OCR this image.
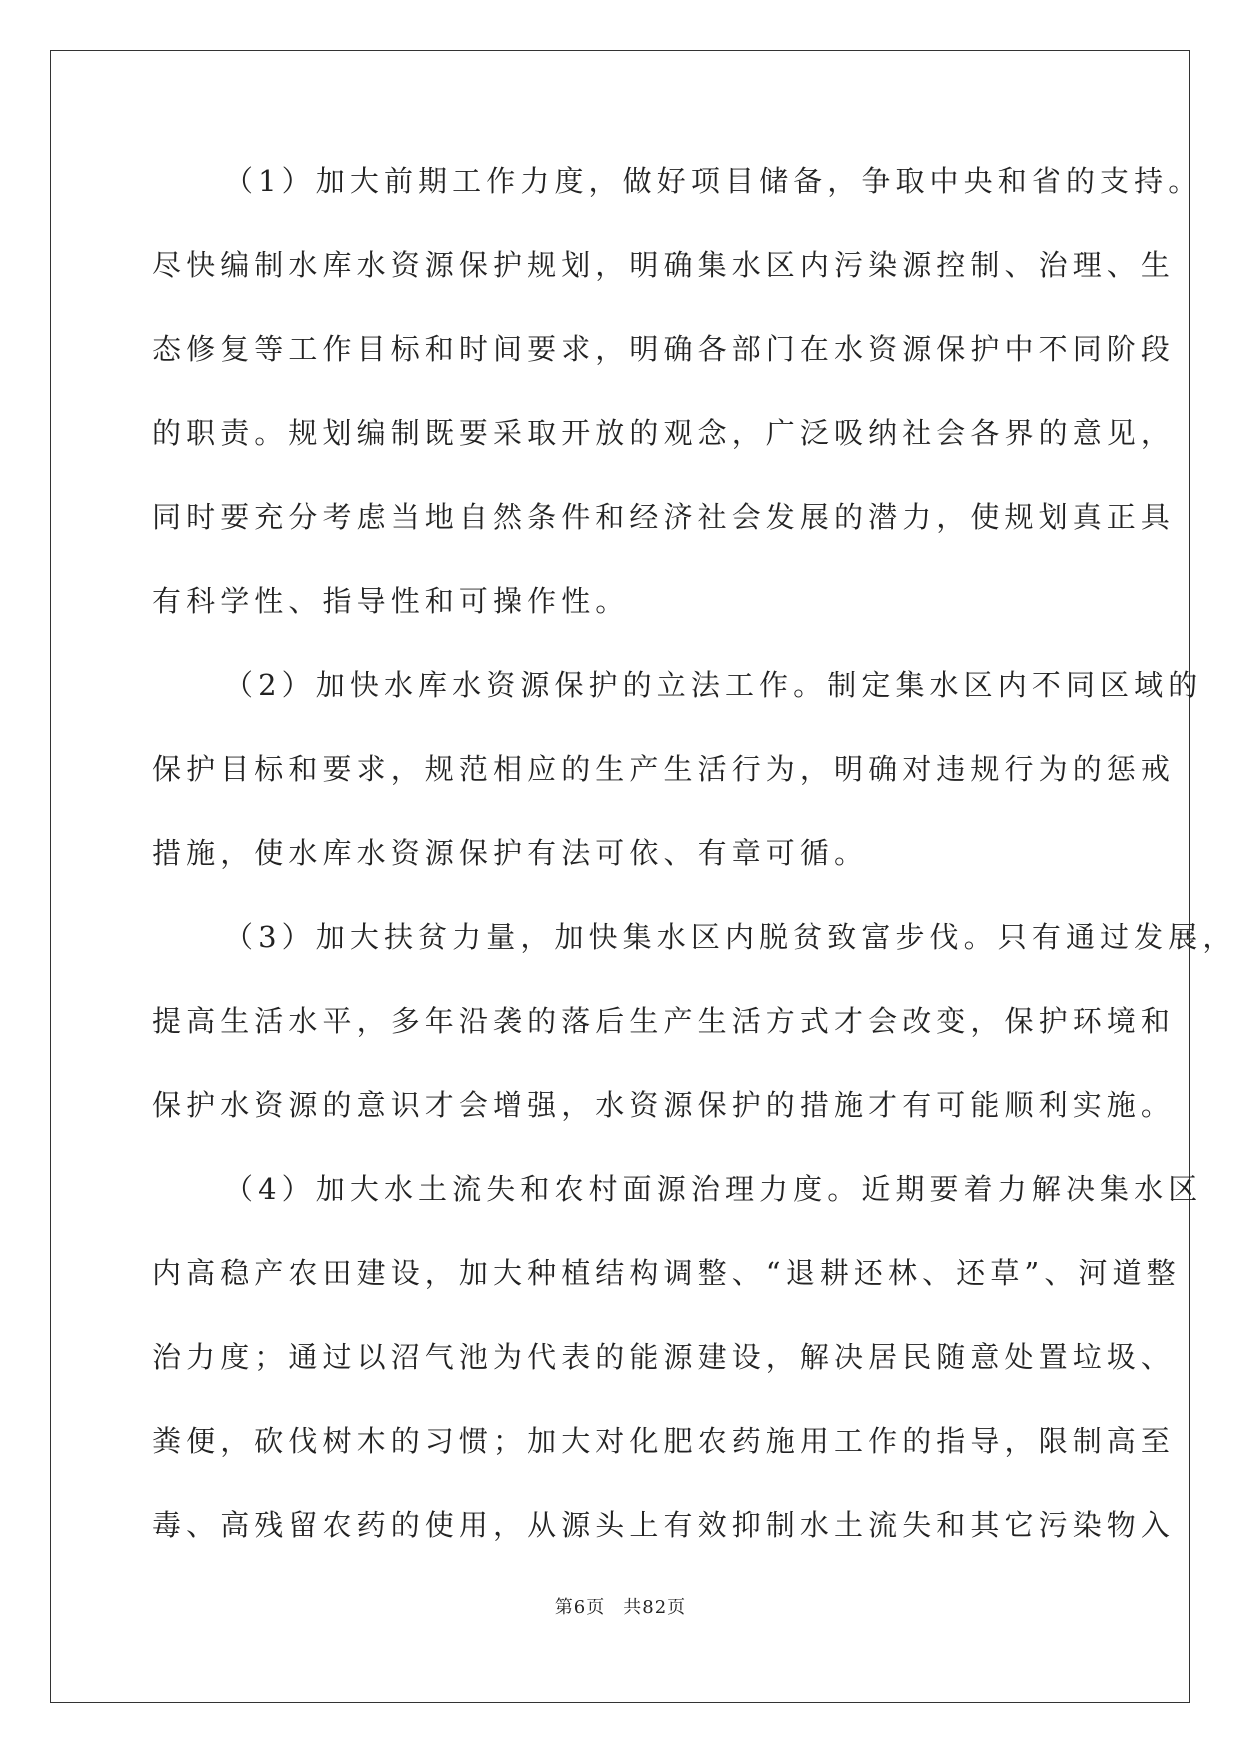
（1）加大前期工作力度，做好项目储备，争取中央和省的支持。
尽快编制水库水资源保护规划，明确集水区内污染源控制、治理、生
态修复等工作目标和时间要求，明确各部门在水资源保护中不同阶段
的职责。规划编制既要采取开放的观念，广泛吸纳社会各界的意见，
同时要充分考虑当地自然条件和经济社会发展的潜力，使规划真正具
有科学性、指导性和可操作性。
（2）加快水库水资源保护的立法工作。制定集水区内不同区域的
保护目标和要求，规范相应的生产生活行为，明确对违规行为的惩戒
措施，使水库水资源保护有法可依、有章可循。
（3）加大扶贫力量，加快集水区内脱贫致富步伐。只有通过发展，
提高生活水平，多年沿袭的落后生产生活方式才会改变，保护环境和
保护水资源的意识才会增强，水资源保护的措施才有可能顺利实施。
（4）加大水土流失和农村面源治理力度。近期要着力解决集水区
内高稳产农田建设，加大种植结构调整、“退耕还林、还草”、河道整
治力度；通过以沼气池为代表的能源建设，解决居民随意处置垃圾、
粪便，砍伐树木的习惯；加大对化肥农药施用工作的指导，限制高至
毒、高残留农药的使用，从源头上有效抑制水土流失和其它污染物入
第6页 共82页
